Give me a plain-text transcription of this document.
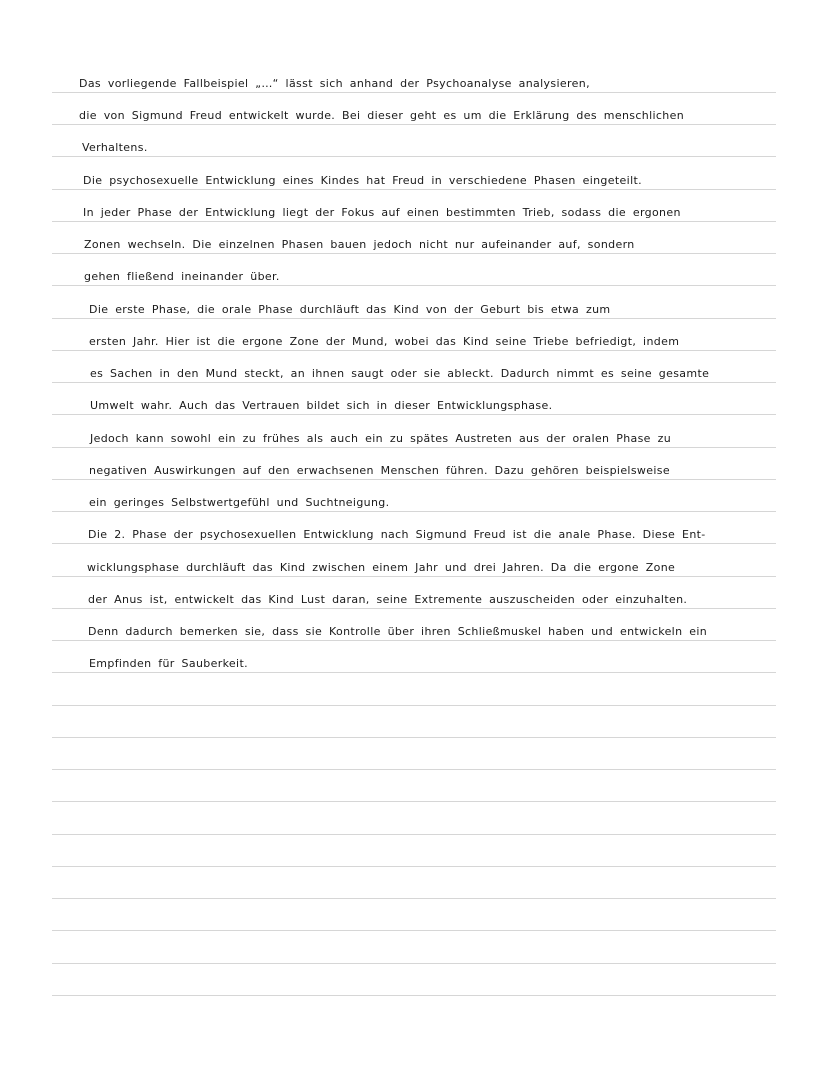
Das vorliegende Fallbeispiel „…“ lässt sich anhand der Psychoanalyse analysieren,
die von Sigmund Freud entwickelt wurde. Bei dieser geht es um die Erklärung des menschlichen
Verhaltens.
Die psychosexuelle Entwicklung eines Kindes hat Freud in verschiedene Phasen eingeteilt.
In jeder Phase der Entwicklung liegt der Fokus auf einen bestimmten Trieb, sodass die ergonen
Zonen wechseln. Die einzelnen Phasen bauen jedoch nicht nur aufeinander auf, sondern
gehen fließend ineinander über.
Die erste Phase, die orale Phase durchläuft das Kind von der Geburt bis etwa zum
ersten Jahr. Hier ist die ergone Zone der Mund, wobei das Kind seine Triebe befriedigt, indem
es Sachen in den Mund steckt, an ihnen saugt oder sie ableckt. Dadurch nimmt es seine gesamte
Umwelt wahr. Auch das Vertrauen bildet sich in dieser Entwicklungsphase.
Jedoch kann sowohl ein zu frühes als auch ein zu spätes Austreten aus der oralen Phase zu
negativen Auswirkungen auf den erwachsenen Menschen führen. Dazu gehören beispielsweise
ein geringes Selbstwertgefühl und Suchtneigung.
Die 2. Phase der psychosexuellen Entwicklung nach Sigmund Freud ist die anale Phase. Diese Ent-
wicklungsphase durchläuft das Kind zwischen einem Jahr und drei Jahren. Da die ergone Zone
der Anus ist, entwickelt das Kind Lust daran, seine Extremente auszuscheiden oder einzuhalten.
Denn dadurch bemerken sie, dass sie Kontrolle über ihren Schließmuskel haben und entwickeln ein
Empfinden für Sauberkeit.
